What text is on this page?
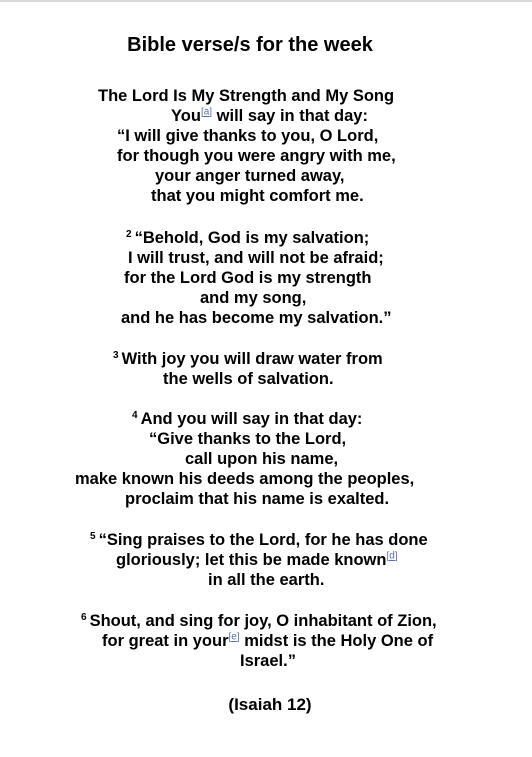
Bible verse/s for the week
The Lord Is My Strength and My Song
You [ $^a$ ] will say in that day:
“I will give thanks to you, O Lord,
for though you were angry with me,
your anger turned away,
that you might comfort me.
$^2$ “Behold, God is my salvation;
I will trust, and will not be afraid;
for the Lord God is my strength
and my song,
and he has become my salvation.”
$^3$ With joy you will draw water from
the wells of salvation.
$^4$ And you will say in that day:
“Give thanks to the Lord,
call upon his name,
make known his deeds among the peoples,
proclaim that his name is exalted.
$^5$ “Sing praises to the Lord, for he has done
gloriously; let this be made known [ $^d$ ]
in all the earth.
$^6$ Shout, and sing for joy, O inhabitant of Zion,
for great in your [ $^e$ ] midst is the Holy One of
Israel.”
(Isaiah 12)
